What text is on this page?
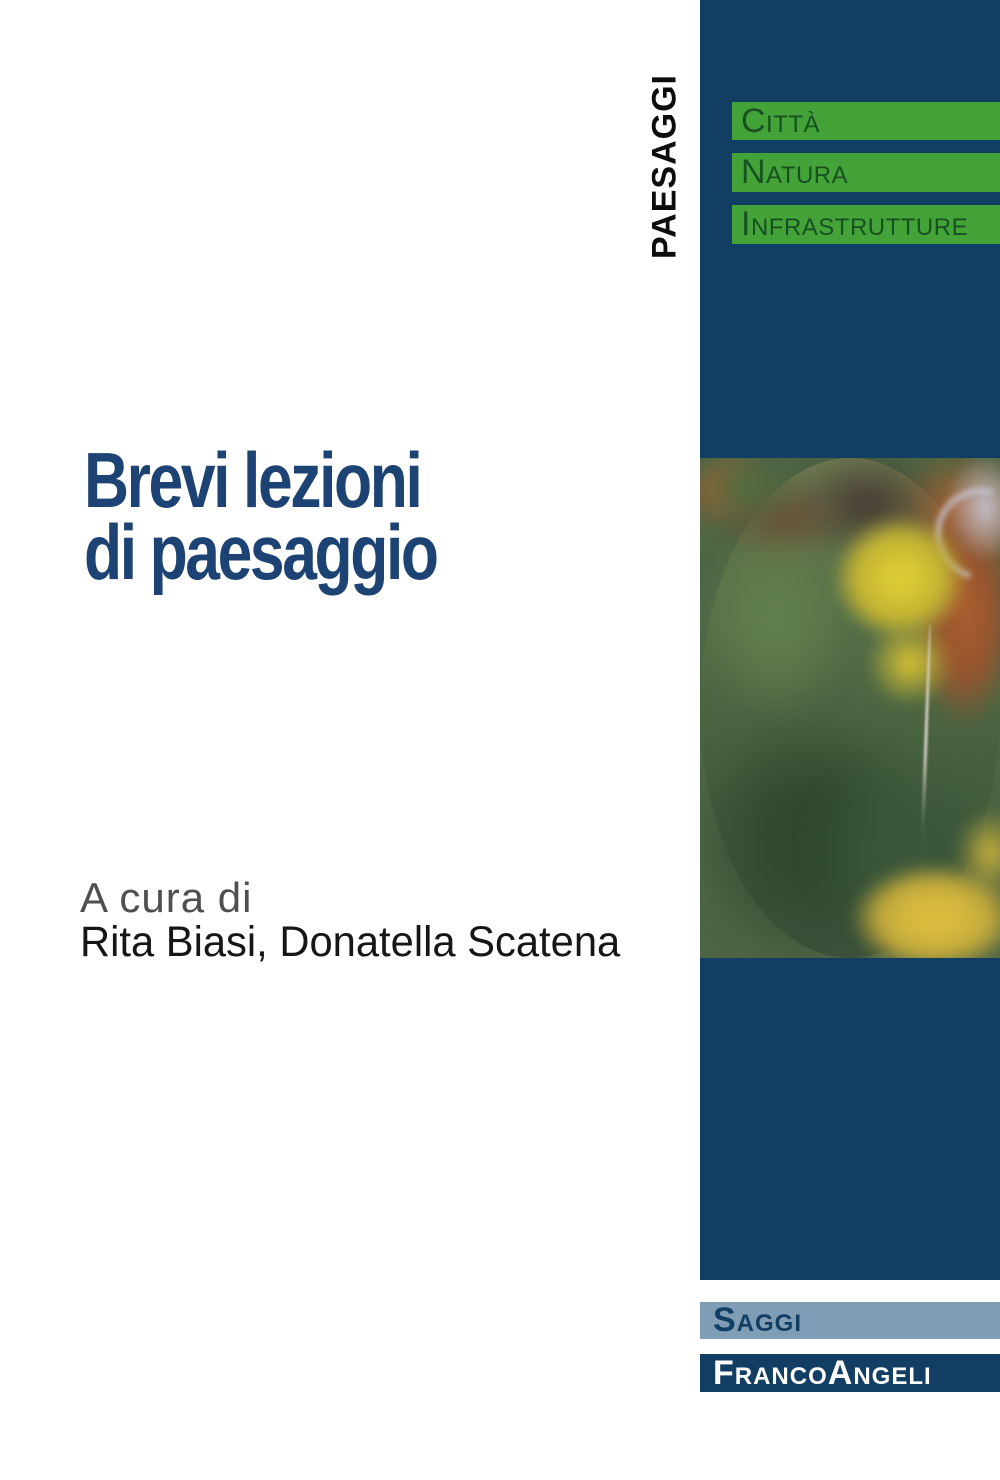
PAESAGGI	Città
Natura
Infrastrutture
Brevi lezioni
di paesaggio
A cura di
Rita Biasi, Donatella Scatena
Saggi
FrancoAngeli
